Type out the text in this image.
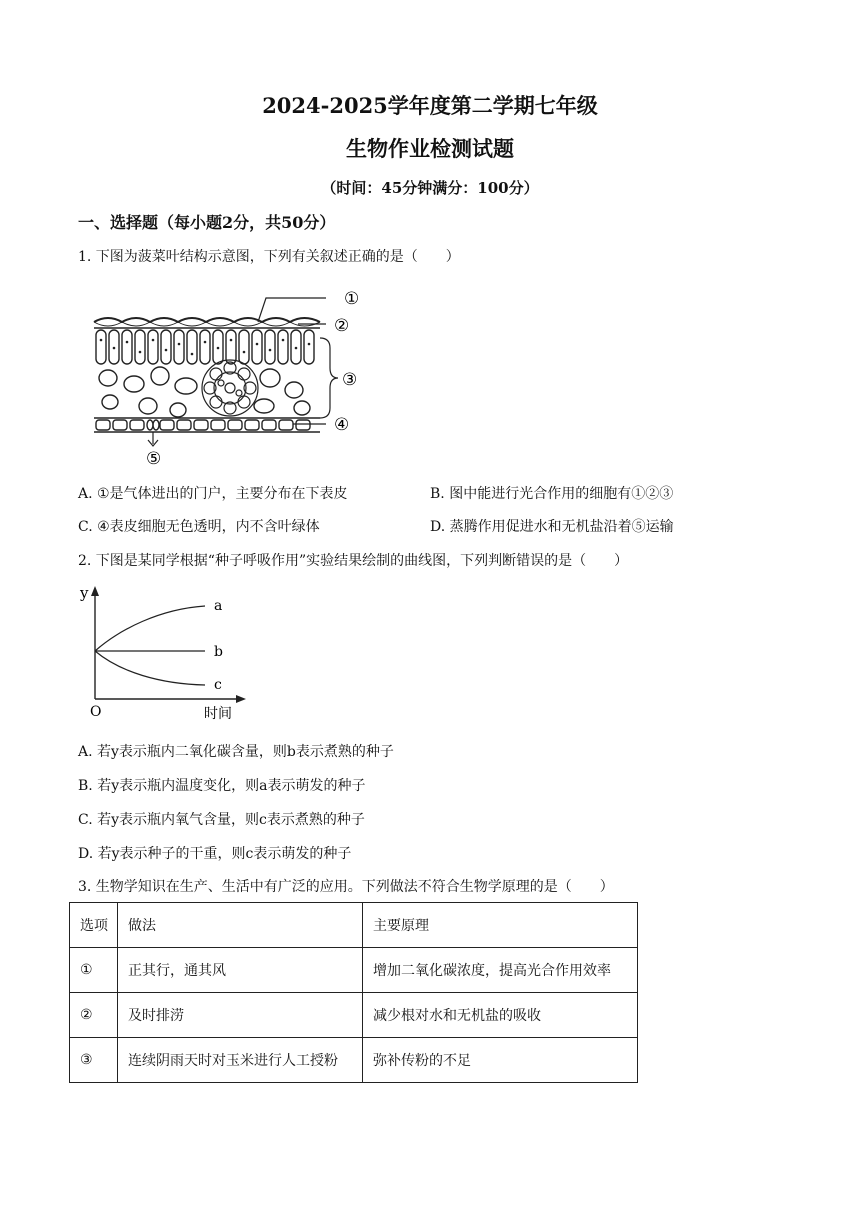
2024-2025学年度第二学期七年级
生物作业检测试题
（时间：45分钟满分：100分）
一、选择题（每小题2分，共50分）
1. 下图为菠菜叶结构示意图，下列有关叙述正确的是（　　）
①
②
③
④
⑤
A. ①是气体进出的门户，主要分布在下表皮	B. 图中能进行光合作用的细胞有①②③
C. ④表皮细胞无色透明，内不含叶绿体	D. 蒸腾作用促进水和无机盐沿着⑤运输
2. 下图是某同学根据“种子呼吸作用”实验结果绘制的曲线图，下列判断错误的是（　　）
a
b
c
y
O	时间
A. 若y表示瓶内二氧化碳含量，则b表示煮熟的种子
B. 若y表示瓶内温度变化，则a表示萌发的种子
C. 若y表示瓶内氧气含量，则c表示煮熟的种子
D. 若y表示种子的干重，则c表示萌发的种子
3. 生物学知识在生产、生活中有广泛的应用。下列做法不符合生物学原理的是（　　）
选项	做法	主要原理
①	正其行，通其风	增加二氧化碳浓度，提高光合作用效率
②	及时排涝	减少根对水和无机盐的吸收
③	连续阴雨天时对玉米进行人工授粉	弥补传粉的不足
